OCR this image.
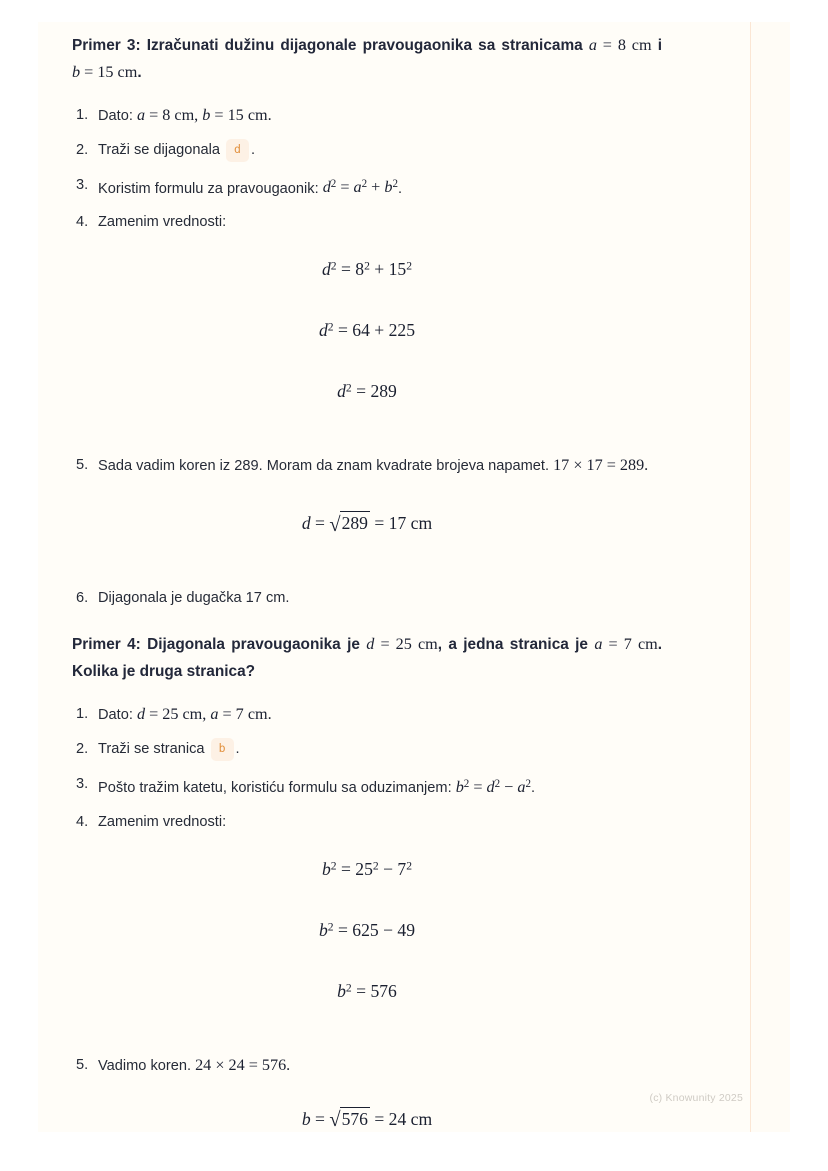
Primer 3: Izračunati dužinu dijagonale pravougaonika sa stranicama a = 8 cm i b = 15 cm.

1. Dato: a = 8 cm, b = 15 cm.
2. Traži se dijagonala d .
3. Koristim formulu za pravougaonik: $d^2 = a^2 + b^2$.
4. Zamenim vrednosti:
$d^2 = 8^2 + 15^2$
$d^2 = 64 + 225$
$d^2 = 289$
5. Sada vadim koren iz 289. Moram da znam kvadrate brojeva napamet. 17 × 17 = 289.
d = √289 = 17 cm
6. Dijagonala je dugačka 17 cm.

Primer 4: Dijagonala pravougaonika je d = 25 cm, a jedna stranica je a = 7 cm. Kolika je druga stranica?

1. Dato: d = 25 cm, a = 7 cm.
2. Traži se stranica b .
3. Pošto tražim katetu, koristiću formulu sa oduzimanjem: $b^2 = d^2 - a^2$.
4. Zamenim vrednosti:
$b^2 = 25^2 - 7^2$
$b^2 = 625 - 49$
$b^2 = 576$
5. Vadimo koren. 24 × 24 = 576.
b = √576 = 24 cm
(c) Knowunity 2025
